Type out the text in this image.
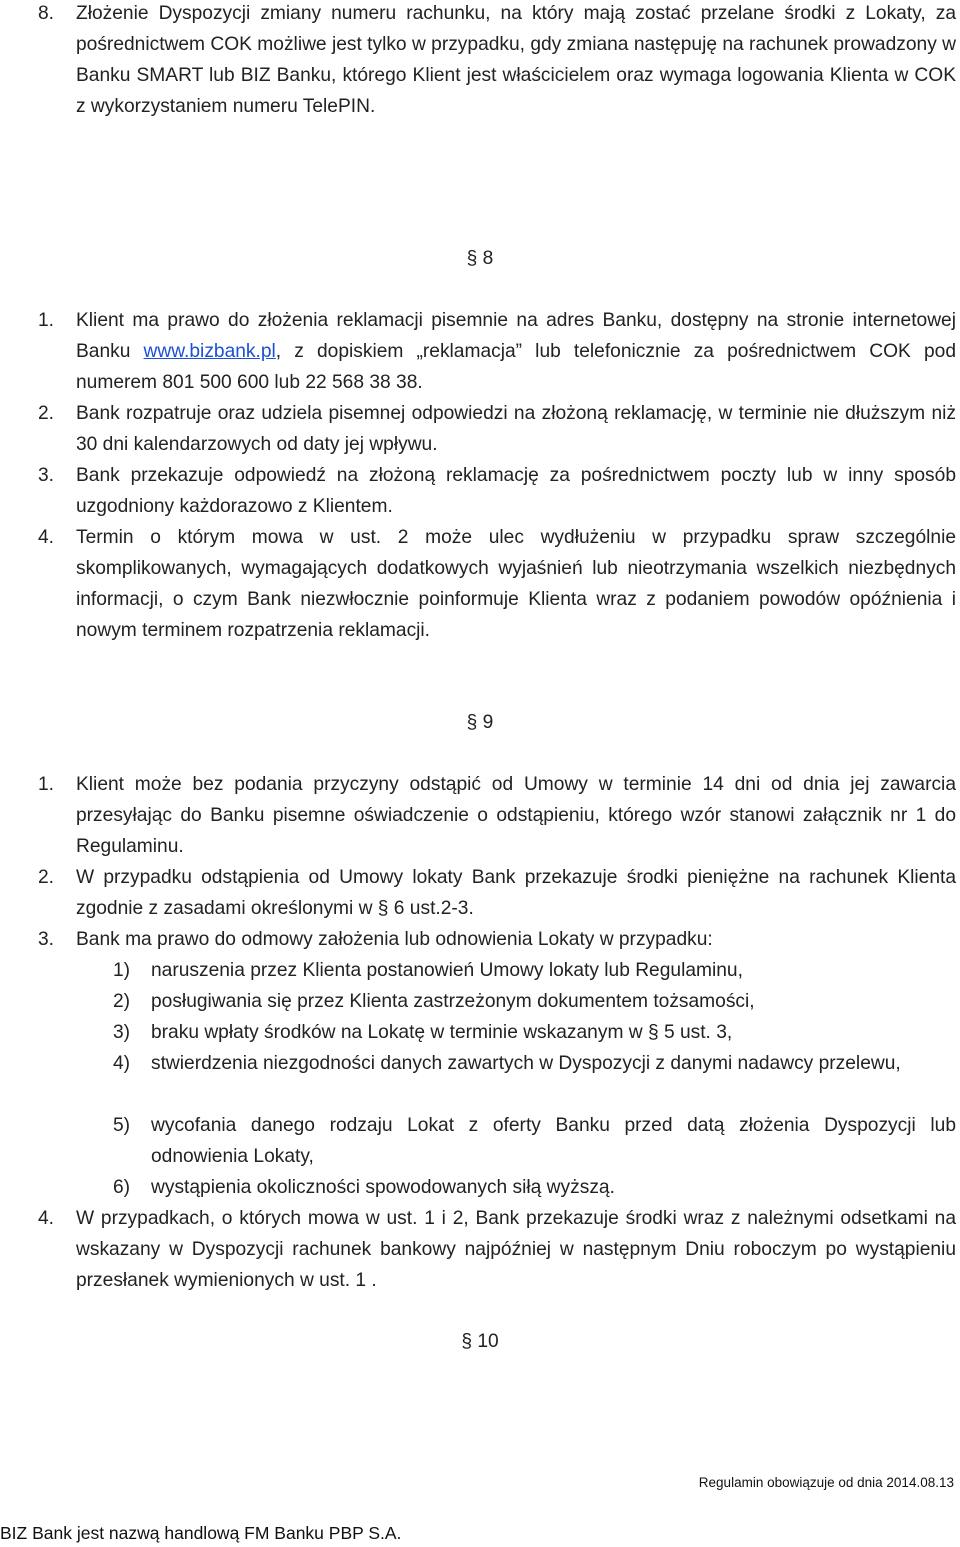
8.	Złożenie Dyspozycji zmiany numeru rachunku, na który mają zostać przelane środki z Lokaty, za pośrednictwem COK możliwe jest tylko w przypadku, gdy zmiana następuję na rachunek prowadzony w Banku SMART lub BIZ Banku, którego Klient jest właścicielem oraz wymaga logowania Klienta w COK z wykorzystaniem numeru TelePIN.
§ 8
1.	Klient ma prawo do złożenia reklamacji pisemnie na adres Banku, dostępny na stronie internetowej Banku www.bizbank.pl, z dopiskiem „reklamacja” lub telefonicznie za pośrednictwem COK pod numerem 801 500 600 lub 22 568 38 38.
2.	Bank rozpatruje oraz udziela pisemnej odpowiedzi na złożoną reklamację, w terminie nie dłuższym niż 30 dni kalendarzowych od daty jej wpływu.
3.	Bank przekazuje odpowiedź na złożoną reklamację za pośrednictwem poczty lub w inny sposób uzgodniony każdorazowo z Klientem.
4.	Termin o którym mowa w ust. 2 może ulec wydłużeniu w przypadku spraw szczególnie skomplikowanych, wymagających dodatkowych wyjaśnień lub nieotrzymania wszelkich niezbędnych informacji, o czym Bank niezwłocznie poinformuje Klienta wraz z podaniem powodów opóźnienia i nowym terminem rozpatrzenia reklamacji.
§ 9
1.	Klient może bez podania przyczyny odstąpić od Umowy w terminie 14 dni od dnia jej zawarcia przesyłając do Banku pisemne oświadczenie o odstąpieniu, którego wzór stanowi załącznik nr 1 do Regulaminu.
2.	W przypadku odstąpienia od Umowy lokaty Bank przekazuje środki pieniężne na rachunek Klienta zgodnie z zasadami określonymi w § 6 ust.2-3.
3.	Bank ma prawo do odmowy założenia lub odnowienia Lokaty w przypadku:
1)	naruszenia przez Klienta postanowień Umowy lokaty lub Regulaminu,
2)	posługiwania się przez Klienta zastrzeżonym dokumentem tożsamości,
3)	braku wpłaty środków na Lokatę w terminie wskazanym w § 5 ust. 3,
4)	stwierdzenia niezgodności danych zawartych w Dyspozycji z danymi nadawcy przelewu,
5)	wycofania danego rodzaju Lokat z oferty Banku przed datą złożenia Dyspozycji lub odnowienia Lokaty,
6)	wystąpienia okoliczności spowodowanych siłą wyższą.
4.	W przypadkach, o których mowa w ust. 1 i 2, Bank przekazuje środki wraz z należnymi odsetkami na wskazany w Dyspozycji rachunek bankowy najpóźniej w następnym Dniu roboczym po wystąpieniu przesłanek wymienionych w ust. 1 .
§ 10
Regulamin obowiązuje od dnia 2014.08.13
BIZ Bank jest nazwą handlową FM Banku PBP S.A.
